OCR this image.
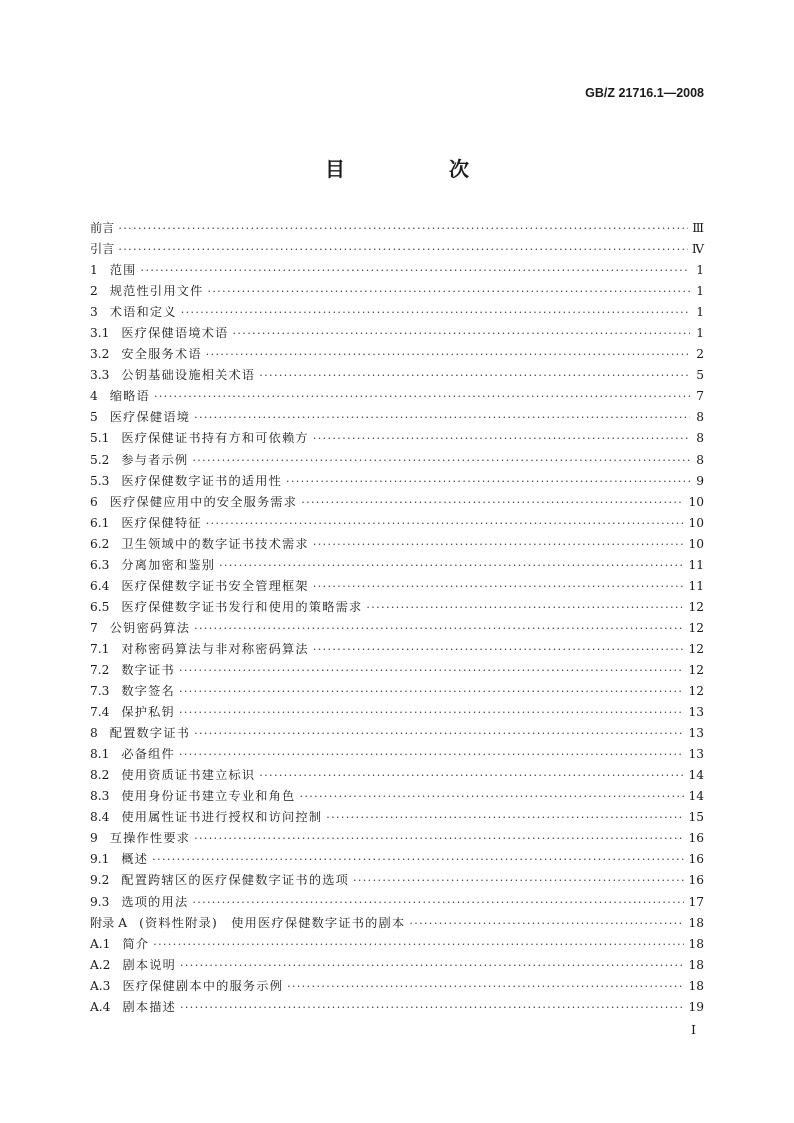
GB/Z 21716.1—2008
目　次
前言 ·····	Ⅲ
引言 ·····	Ⅳ
1 范围 ·····	1
2 规范性引用文件 ·····	1
3 术语和定义 ·····	1
3.1 医疗保健语境术语 ·····	1
3.2 安全服务术语 ·····	2
3.3 公钥基础设施相关术语 ·····	5
4 缩略语 ·····	7
5 医疗保健语境 ·····	8
5.1 医疗保健证书持有方和可依赖方 ·····	8
5.2 参与者示例 ·····	8
5.3 医疗保健数字证书的适用性 ·····	9
6 医疗保健应用中的安全服务需求 ·····	10
6.1 医疗保健特征 ·····	10
6.2 卫生领域中的数字证书技术需求 ·····	10
6.3 分离加密和鉴别 ·····	11
6.4 医疗保健数字证书安全管理框架 ·····	11
6.5 医疗保健数字证书发行和使用的策略需求 ·····	12
7 公钥密码算法 ·····	12
7.1 对称密码算法与非对称密码算法 ·····	12
7.2 数字证书 ·····	12
7.3 数字签名 ·····	12
7.4 保护私钥 ·····	13
8 配置数字证书 ·····	13
8.1 必备组件 ·····	13
8.2 使用资质证书建立标识 ·····	14
8.3 使用身份证书建立专业和角色 ·····	14
8.4 使用属性证书进行授权和访问控制 ·····	15
9 互操作性要求 ·····	16
9.1 概述 ·····	16
9.2 配置跨辖区的医疗保健数字证书的选项 ·····	16
9.3 选项的用法 ·····	17
附录 A (资料性附录)　使用医疗保健数字证书的剧本 ·····	18
A.1 简介 ·····	18
A.2 剧本说明 ·····	18
A.3 医疗保健剧本中的服务示例 ·····	18
A.4 剧本描述 ·····	19
I
